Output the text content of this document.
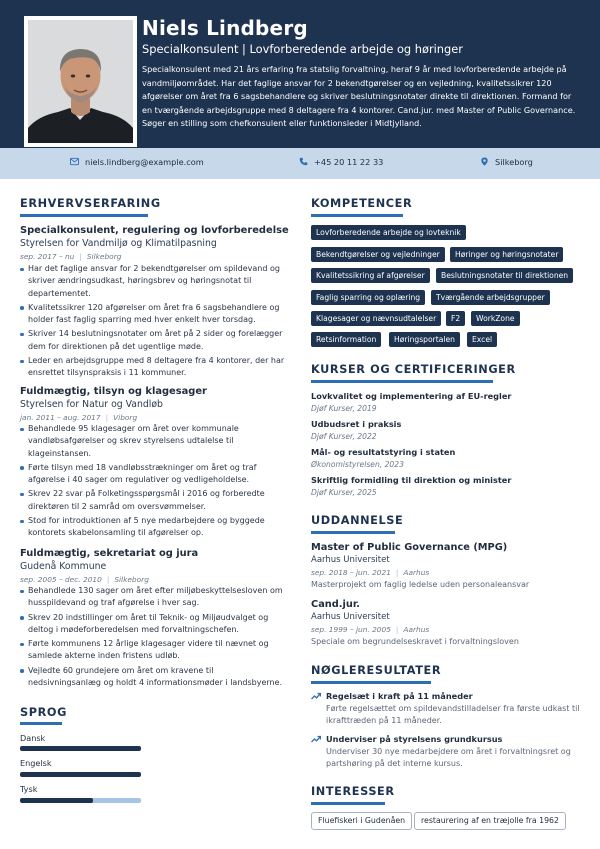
Niels Lindberg
Specialkonsulent | Lovforberedende arbejde og høringer
Specialkonsulent med 21 års erfaring fra statslig forvaltning, heraf 9 år med lovforberedende arbejde på vandmiljøområdet. Har det faglige ansvar for 2 bekendtgørelser og en vejledning, kvalitetssikrer 120 afgørelser om året fra 6 sagsbehandlere og skriver beslutningsnotater direkte til direktionen. Formand for en tværgående arbejdsgruppe med 8 deltagere fra 4 kontorer. Cand.jur. med Master of Public Governance. Søger en stilling som chefkonsulent eller funktionsleder i Midtjylland.
niels.lindberg@example.com	+45 20 11 22 33	Silkeborg
ERHVERVSERFARING
Specialkonsulent, regulering og lovforberedelse
Styrelsen for Vandmiljø og Klimatilpasning
sep. 2017 – nu | Silkeborg
Har det faglige ansvar for 2 bekendtgørelser om spildevand og skriver ændringsudkast, høringsbrev og høringsnotat til departementet.
Kvalitetssikrer 120 afgørelser om året fra 6 sagsbehandlere og holder fast faglig sparring med hver enkelt hver torsdag.
Skriver 14 beslutningsnotater om året på 2 sider og forelægger dem for direktionen på det ugentlige møde.
Leder en arbejdsgruppe med 8 deltagere fra 4 kontorer, der har ensrettet tilsynspraksis i 11 kommuner.
Fuldmægtig, tilsyn og klagesager
Styrelsen for Natur og Vandløb
jan. 2011 – aug. 2017 | Viborg
Behandlede 95 klagesager om året over kommunale vandløbsafgørelser og skrev styrelsens udtalelse til klageinstansen.
Førte tilsyn med 18 vandløbsstrækninger om året og traf afgørelse i 40 sager om regulativer og vedligeholdelse.
Skrev 22 svar på Folketingsspørgsmål i 2016 og forberedte direktøren til 2 samråd om oversvømmelser.
Stod for introduktionen af 5 nye medarbejdere og byggede kontorets skabelonsamling til afgørelser op.
Fuldmægtig, sekretariat og jura
Gudenå Kommune
sep. 2005 – dec. 2010 | Silkeborg
Behandlede 130 sager om året efter miljøbeskyttelsesloven om husspildevand og traf afgørelse i hver sag.
Skrev 20 indstillinger om året til Teknik- og Miljøudvalget og deltog i mødeforberedelsen med forvaltningschefen.
Førte kommunens 12 årlige klagesager videre til nævnet og samlede akterne inden fristens udløb.
Vejledte 60 grundejere om året om kravene til nedsivningsanlæg og holdt 4 informationsmøder i landsbyerne.
SPROG
Dansk
Engelsk
Tysk
KOMPETENCER
Lovforberedende arbejde og lovteknik
Bekendtgørelser og vejledninger	Høringer og høringsnotater
Kvalitetssikring af afgørelser	Beslutningsnotater til direktionen
Faglig sparring og oplæring	Tværgående arbejdsgrupper
Klagesager og nævnsudtalelser	F2	WorkZone
Retsinformation	Høringsportalen	Excel
KURSER OG CERTIFICERINGER
Lovkvalitet og implementering af EU-regler
Djøf Kurser, 2019
Udbudsret i praksis
Djøf Kurser, 2022
Mål- og resultatstyring i staten
Økonomistyrelsen, 2023
Skriftlig formidling til direktion og minister
Djøf Kurser, 2025
UDDANNELSE
Master of Public Governance (MPG)
Aarhus Universitet
sep. 2018 – jun. 2021 | Aarhus
Masterprojekt om faglig ledelse uden personaleansvar
Cand.jur.
Aarhus Universitet
sep. 1999 – jun. 2005 | Aarhus
Speciale om begrundelseskravet i forvaltningsloven
NØGLERESULTATER
Regelsæt i kraft på 11 måneder
Førte regelsættet om spildevandstilladelser fra første udkast til ikrafttræden på 11 måneder.
Underviser på styrelsens grundkursus
Underviser 30 nye medarbejdere om året i forvaltningsret og partshøring på det interne kursus.
INTERESSER
Fluefiskeri i Gudenåen	restaurering af en træjolle fra 1962
